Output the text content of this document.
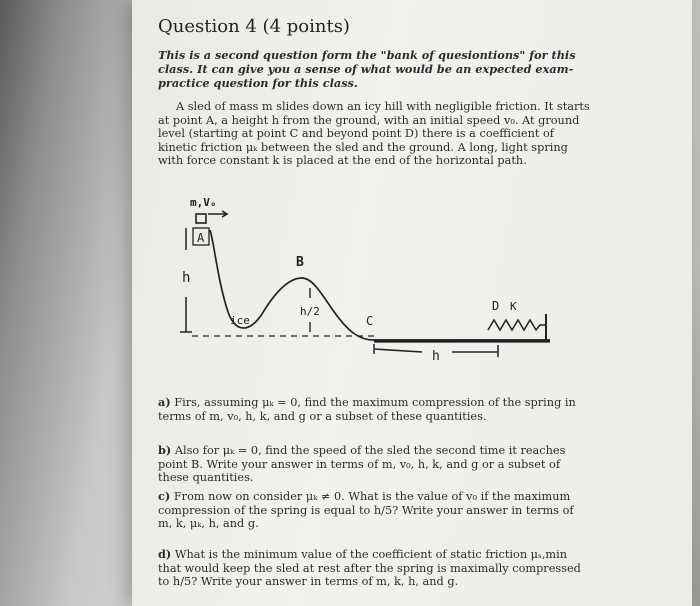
Question 4 (4 points)
This is a second question form the "bank of quesiontions" for this class. It can give you a sense of what would be an expected exam-practice question for this class.

A sled of mass m slides down an icy hill with negligible friction. It starts at point A, a height h from the ground, with an initial speed v₀. At ground level (starting at point C and beyond point D) there is a coefficient of kinetic friction μₖ between the sled and the ground. A long, light spring with force constant k is placed at the end of the horizontal path.

m,Vₒ
A
h
ice
B
h/2
C
D K
h
a) Firs, assuming μₖ = 0, find the maximum compression of the spring in terms of m, v₀, h, k, and g or a subset of these quantities.
b) Also for μₖ = 0, find the speed of the sled the second time it reaches point B. Write your answer in terms of m, v₀, h, k, and g or a subset of these quantities.
c) From now on consider μₖ ≠ 0. What is the value of v₀ if the maximum compression of the spring is equal to h/5? Write your answer in terms of m, k, μₖ, h, and g.
d) What is the minimum value of the coefficient of static friction μₛ,min that would keep the sled at rest after the spring is maximally compressed to h/5? Write your answer in terms of m, k, h, and g.
